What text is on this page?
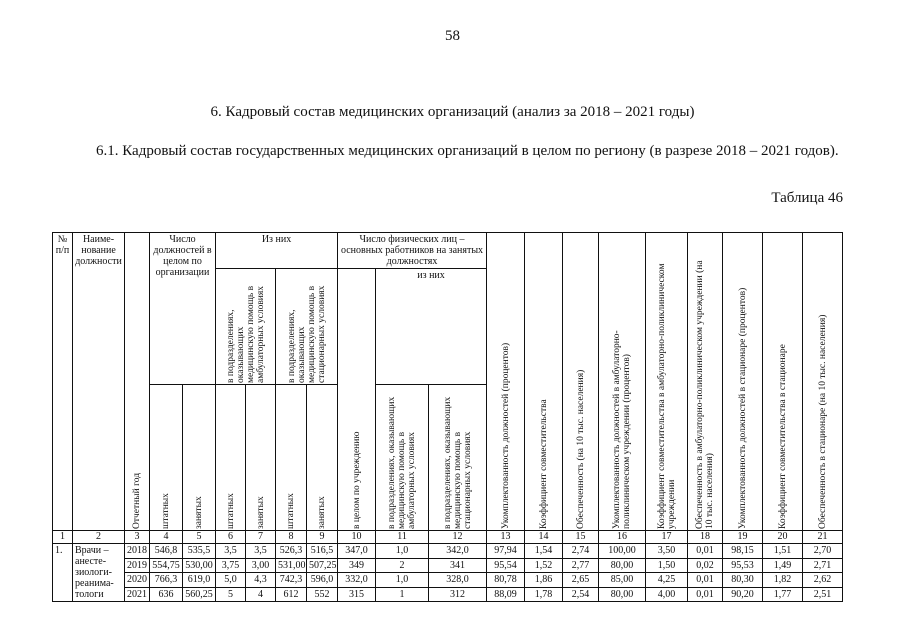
58
6. Кадровый состав медицинских организаций (анализ за 2018 – 2021 годы)
6.1. Кадровый состав государственных медицинских организаций в целом по региону (в разрезе 2018 – 2021 годов).
Таблица 46
№ п/п	Наиме-нование должности	Отчетный год	Число должностей в целом по организации		Из них				Число физических лиц – основных работников на занятых должностях			Укомплектованность должностей (процентов)	Коэффициент совместительства	Обеспеченность (на 10 тыс. населения)	Укомплектованность должностей в амбулаторно-поликлиническом учреждении (процентов)	Коэффициент совместительства в амбулаторно-поликлиническом учреждении	Обеспеченность в амбулаторно-поликлиническом учреждении (на 10 тыс. населения)	Укомплектованность должностей в стационаре (процентов)	Коэффициент совместительства в стационаре	Обеспеченность в стационаре (на 10 тыс. населения)

					в подразделениях, оказывающих медицинскую помощь в амбулаторных условиях		в подразделениях, оказывающих медицинскую помощь в стационарных условиях		в целом по учреждению	из них										

			штатных	занятых	штатных	занятых	штатных	занятых		в подразделениях, оказывающих медицинскую помощь в амбулаторных условиях	в подразделениях, оказывающих медицинскую помощь в стационарных условиях									

1	2	3	4	5	6	7	8	9	10	11	12	13	14	15	16	17	18	19	20	21
1.	Врачи – анесте-зиологи-реанима-тологи	2018	546,8	535,5	3,5	3,5	526,3	516,5	347,0	1,0	342,0	97,94	1,54	2,74	100,00	3,50	0,01	98,15	1,51	2,70
		2019	554,75	530,00	3,75	3,00	531,00	507,25	349	2	341	95,54	1,52	2,77	80,00	1,50	0,02	95,53	1,49	2,71
		2020	766,3	619,0	5,0	4,3	742,3	596,0	332,0	1,0	328,0	80,78	1,86	2,65	85,00	4,25	0,01	80,30	1,82	2,62
		2021	636	560,25	5	4	612	552	315	1	312	88,09	1,78	2,54	80,00	4,00	0,01	90,20	1,77	2,51
